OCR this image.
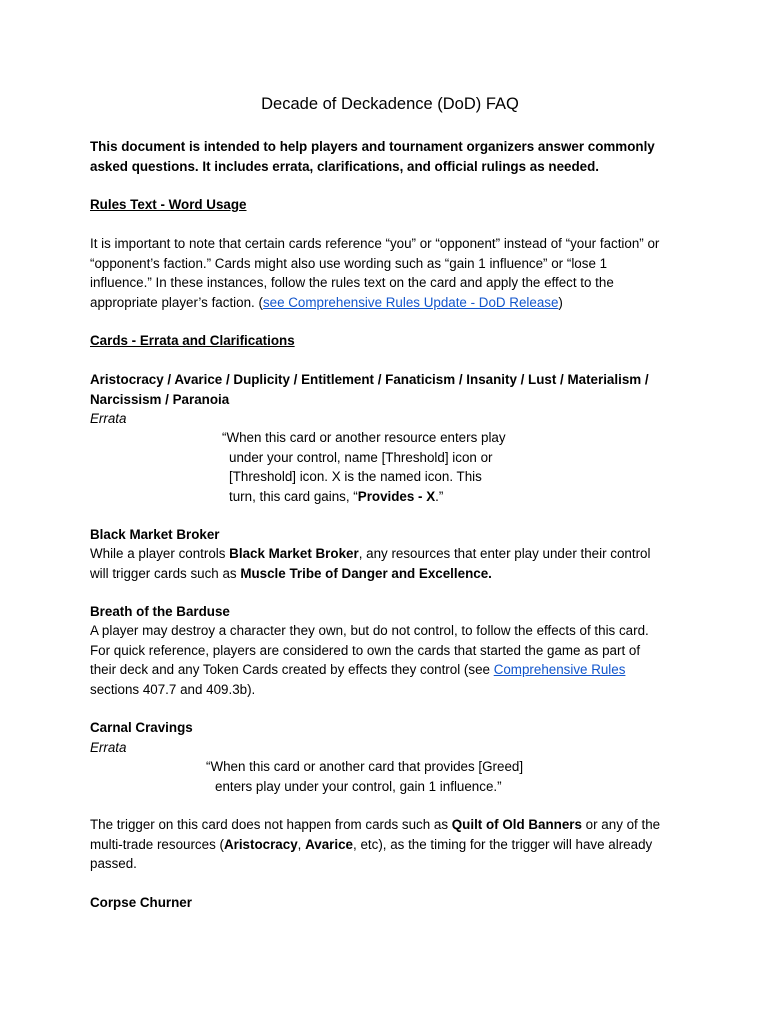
Decade of Deckadence (DoD) FAQ
This document is intended to help players and tournament organizers answer commonly
asked questions. It includes errata, clarifications, and official rulings as needed.
Rules Text - Word Usage
It is important to note that certain cards reference “you” or “opponent” instead of “your faction” or
“opponent’s faction.” Cards might also use wording such as “gain 1 influence” or “lose 1
influence.” In these instances, follow the rules text on the card and apply the effect to the
appropriate player’s faction. (see Comprehensive Rules Update - DoD Release)
Cards - Errata and Clarifications
Aristocracy / Avarice / Duplicity / Entitlement / Fanaticism / Insanity / Lust / Materialism /
Narcissism / Paranoia
Errata
“When this card or another resource enters play
under your control, name [Threshold] icon or
[Threshold] icon. X is the named icon. This
turn, this card gains, “Provides - X.”
Black Market Broker
While a player controls Black Market Broker, any resources that enter play under their control
will trigger cards such as Muscle Tribe of Danger and Excellence.
Breath of the Barduse
A player may destroy a character they own, but do not control, to follow the effects of this card.
For quick reference, players are considered to own the cards that started the game as part of
their deck and any Token Cards created by effects they control (see Comprehensive Rules
sections 407.7 and 409.3b).
Carnal Cravings
Errata
“When this card or another card that provides [Greed]
enters play under your control, gain 1 influence.”
The trigger on this card does not happen from cards such as Quilt of Old Banners or any of the
multi-trade resources (Aristocracy, Avarice, etc), as the timing for the trigger will have already
passed.
Corpse Churner
